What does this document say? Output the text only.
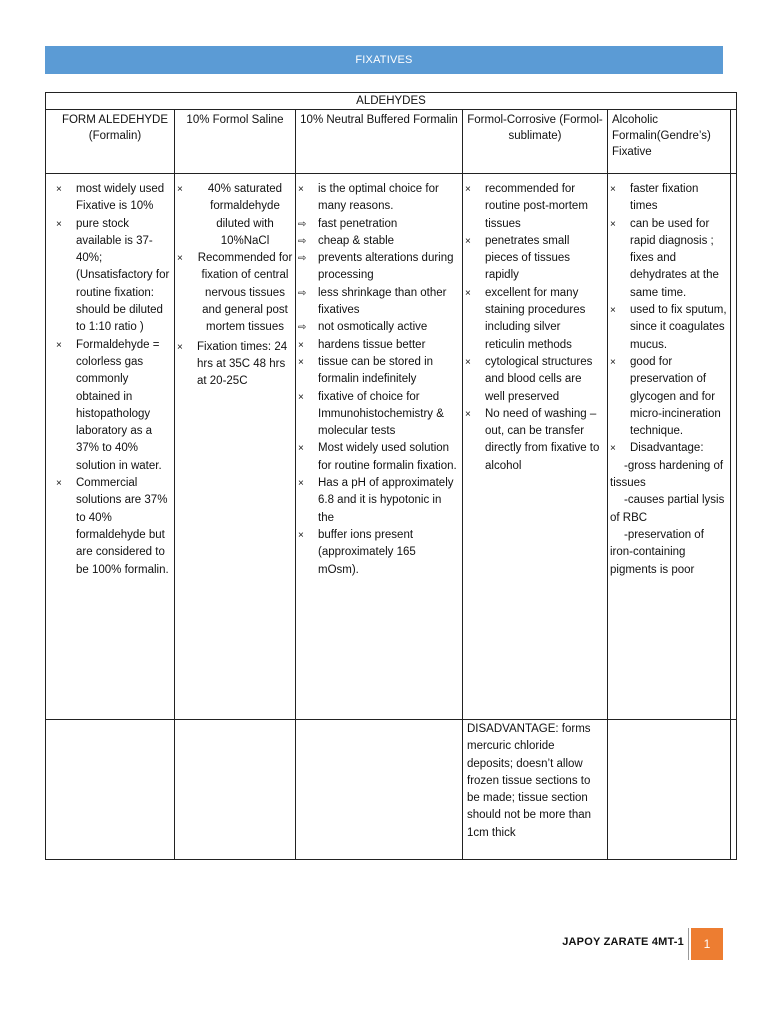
FIXATIVES
ALDEHYDES
FORM ALEDEHYDE (Formalin)
10% Formol Saline	10% Neutral Buffered Formalin Formol-Corrosive (Formol-sublimate)
Alcoholic Formalin(Gendre’s) Fixative
× most widely used Fixative is 10%
× pure stock available is 37-40%; (Unsatisfactory for routine fixation: should be diluted to 1:10 ratio )
× Formaldehyde = colorless gas commonly obtained in histopathology laboratory as a 37% to 40% solution in water.
× Commercial solutions are 37% to 40% formaldehyde but are considered to be 100% formalin.
×	40% saturated formaldehyde diluted with 10%NaCl
× Recommended for fixation of central nervous tissues and general post mortem tissues
× Fixation times: 24 hrs at 35C 48 hrs at 20-25C
× is the optimal choice for many reasons.
⇨ fast penetration
⇨ cheap & stable
⇨ prevents alterations during processing
⇨ less shrinkage than other fixatives
⇨ not osmotically active
× hardens tissue better
× tissue can be stored in formalin indefinitely
× fixative of choice for Immunohistochemistry & molecular tests
× Most widely used solution for routine formalin fixation.
× Has a pH of approximately 6.8 and it is hypotonic in the
× buffer ions present (approximately 165 mOsm).
× recommended for routine post-mortem tissues
× penetrates small pieces of tissues rapidly
× excellent for many staining procedures including silver reticulin methods
× cytological structures and blood cells are well preserved
× No need of washing –out, can be transfer directly from fixative to alcohol
× faster fixation times
× can be used for rapid diagnosis ; fixes and dehydrates at the same time.
× used to fix sputum, since it coagulates mucus.
× good for preservation of glycogen and for micro-incineration technique.
× Disadvantage:
-gross hardening of tissues
-causes partial lysis of RBC
-preservation of iron-containing pigments is poor
DISADVANTAGE: forms mercuric chloride deposits; doesn’t allow frozen tissue sections to be made; tissue section should not be more than 1cm thick
JAPOY ZARATE 4MT-1 1
